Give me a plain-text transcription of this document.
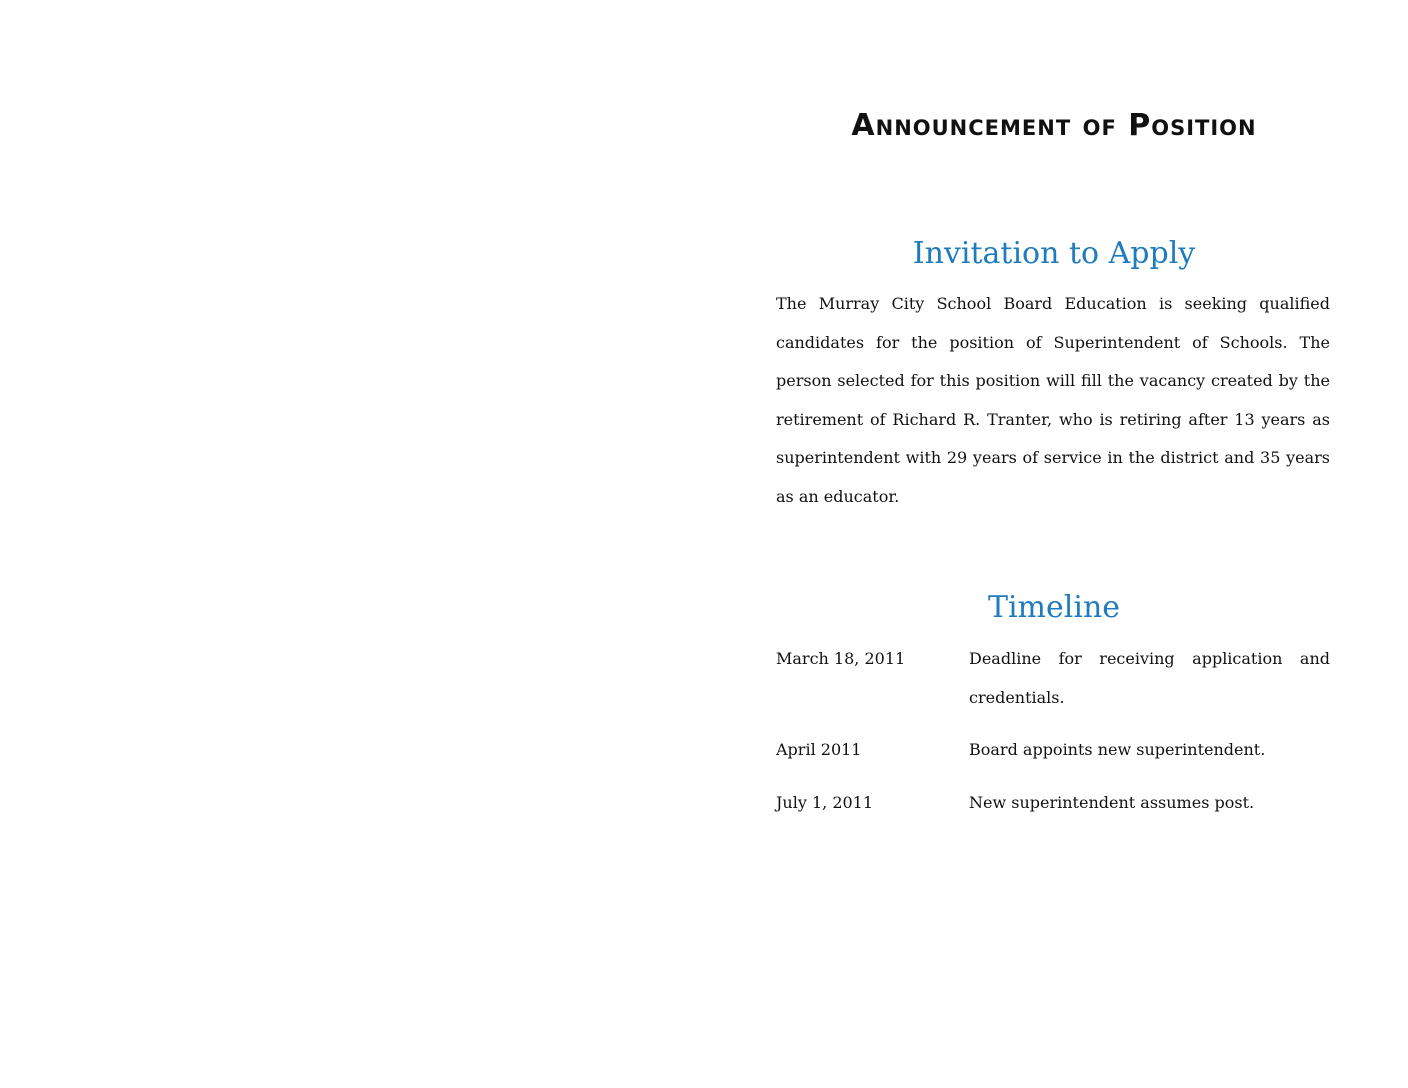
Announcement of Position
Invitation to Apply

The Murray City School Board Education is seeking qualified candidates for the position of Superintendent of Schools. The person selected for this position will fill the vacancy created by the retirement of Richard R. Tranter, who is retiring after 13 years as superintendent with 29 years of service in the district and 35 years as an educator.

Timeline
March 18, 2011	Deadline for receiving application and credentials.
April 2011	Board appoints new superintendent.
July 1, 2011	New superintendent assumes post.
